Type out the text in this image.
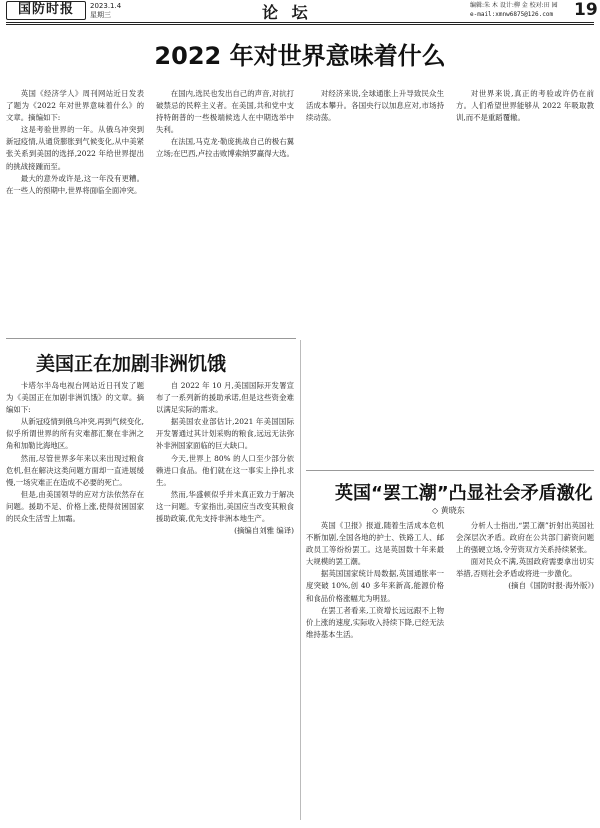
国防时报	2023.1.4
星期三	论 坛	编辑:朱 木 设计:柳 金 校对:田 园
e-mail:xmnw6875@126.com 19
2022 年对世界意味着什么

英国《经济学人》周刊网站近日发表了题为《2022 年对世界意味着什么》的文章。摘编如下:

这是考验世界的一年。从俄乌冲突到新冠疫情,从通货膨胀到气候变化,从中美紧张关系到美国的选择,2022 年给世界提出的挑战接踵而至。

最大的意外或许是,这一年没有更糟。在一些人的预期中,世界将面临全面冲突。

在国内,选民也发出自己的声音,对抗打破禁忌的民粹主义者。在美国,共和党中支持特朗普的一些极端候选人在中期选举中失利。

在法国,马克龙·勒庞挑战自己的极右翼立场;在巴西,卢拉击败博索纳罗赢得大选。

对经济来说,全球通胀上升导致民众生活成本攀升。各国央行以加息应对,市场持续动荡。

对世界来说,真正的考验或许仍在前方。人们希望世界能够从 2022 年吸取教训,而不是重蹈覆辙。

美国正在加剧非洲饥饿

卡塔尔半岛电视台网站近日刊发了题为《美国正在加剧非洲饥饿》的文章。摘编如下:

从新冠疫情到俄乌冲突,再到气候变化,似乎所谓世界的所有灾难都汇聚在非洲之角和加勒比海地区。

然而,尽管世界多年来以来出现过粮食危机,但在解决这类问题方面却一直进展缓慢,一场灾难正在造成不必要的死亡。

但是,由美国领导的应对方法依然存在问题。援助不足、价格上涨,使得贫困国家的民众生活雪上加霜。

自 2022 年 10 月,美国国际开发署宣布了一系列新的援助承诺,但是这些资金难以满足实际的需求。

据美国农业部估计,2021 年美国国际开发署通过其计划采购的粮食,远远无法弥补非洲国家面临的巨大缺口。

今天,世界上 80% 的人口至少部分依赖进口食品。他们就在这一事实上挣扎求生。

然而,华盛顿似乎并未真正致力于解决这一问题。专家指出,美国应当改变其粮食援助政策,优先支持非洲本地生产。

(摘编自刘雅 编译)

英国“罢工潮”凸显社会矛盾激化
◇ 黄晓东

英国《卫报》报道,随着生活成本危机不断加剧,全国各地的护士、铁路工人、邮政员工等纷纷罢工。这是英国数十年来最大规模的罢工潮。

据英国国家统计局数据,英国通胀率一度突破 10%,创 40 多年来新高,能源价格和食品价格涨幅尤为明显。

在罢工者看来,工资增长远远跟不上物价上涨的速度,实际收入持续下降,已经无法维持基本生活。

分析人士指出,“罢工潮”折射出英国社会深层次矛盾。政府在公共部门薪资问题上的强硬立场,令劳资双方关系持续紧张。

面对民众不满,英国政府需要拿出切实举措,否则社会矛盾或将进一步激化。

(摘自《国防时报·海外版》)
